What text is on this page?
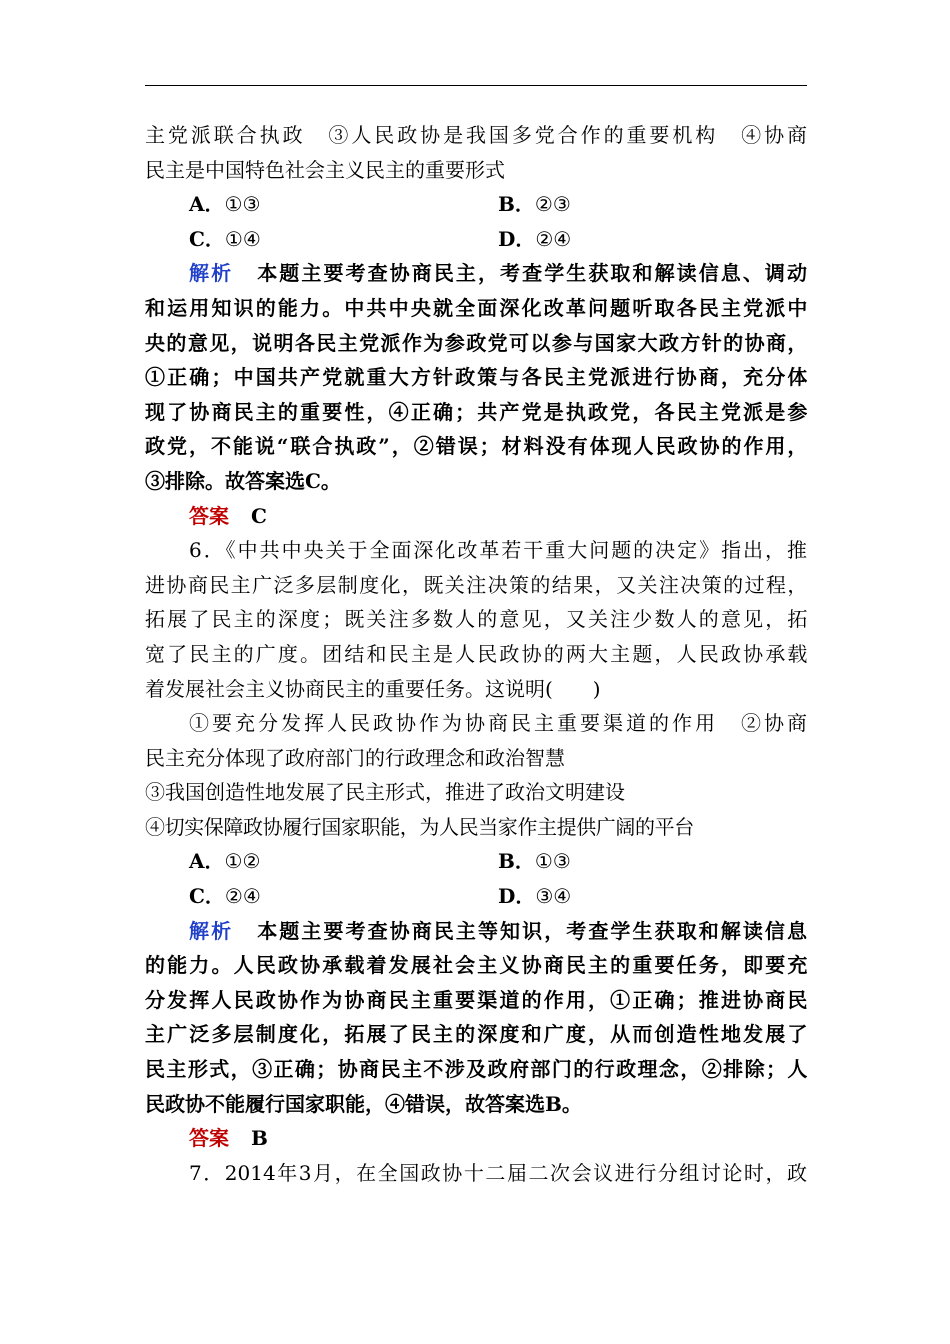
主党派联合执政　③人民政协是我国多党合作的重要机构　④协商
民主是中国特色社会主义民主的重要形式
A．①③	B．②③
C．①④	D．②④
解析 本题主要考查协商民主，考查学生获取和解读信息、调动
和运用知识的能力。中共中央就全面深化改革问题听取各民主党派中
央的意见，说明各民主党派作为参政党可以参与国家大政方针的协商，
①正确；中国共产党就重大方针政策与各民主党派进行协商，充分体
现了协商民主的重要性，④正确；共产党是执政党，各民主党派是参
政党，不能说“联合执政”，②错误；材料没有体现人民政协的作用，
③排除。故答案选C。
答案 C
6．《中共中央关于全面深化改革若干重大问题的决定》指出，推
进协商民主广泛多层制度化，既关注决策的结果，又关注决策的过程，
拓展了民主的深度；既关注多数人的意见，又关注少数人的意见，拓
宽了民主的广度。团结和民主是人民政协的两大主题，人民政协承载
着发展社会主义协商民主的重要任务。这说明(　　)
①要充分发挥人民政协作为协商民主重要渠道的作用　②协商
民主充分体现了政府部门的行政理念和政治智慧
③我国创造性地发展了民主形式，推进了政治文明建设
④切实保障政协履行国家职能，为人民当家作主提供广阔的平台
A．①②	B．①③
C．②④	D．③④
解析 本题主要考查协商民主等知识，考查学生获取和解读信息
的能力。人民政协承载着发展社会主义协商民主的重要任务，即要充
分发挥人民政协作为协商民主重要渠道的作用，①正确；推进协商民
主广泛多层制度化，拓展了民主的深度和广度，从而创造性地发展了
民主形式，③正确；协商民主不涉及政府部门的行政理念，②排除；人
民政协不能履行国家职能，④错误，故答案选B。
答案 B
7．2014年3月，在全国政协十二届二次会议进行分组讨论时，政
